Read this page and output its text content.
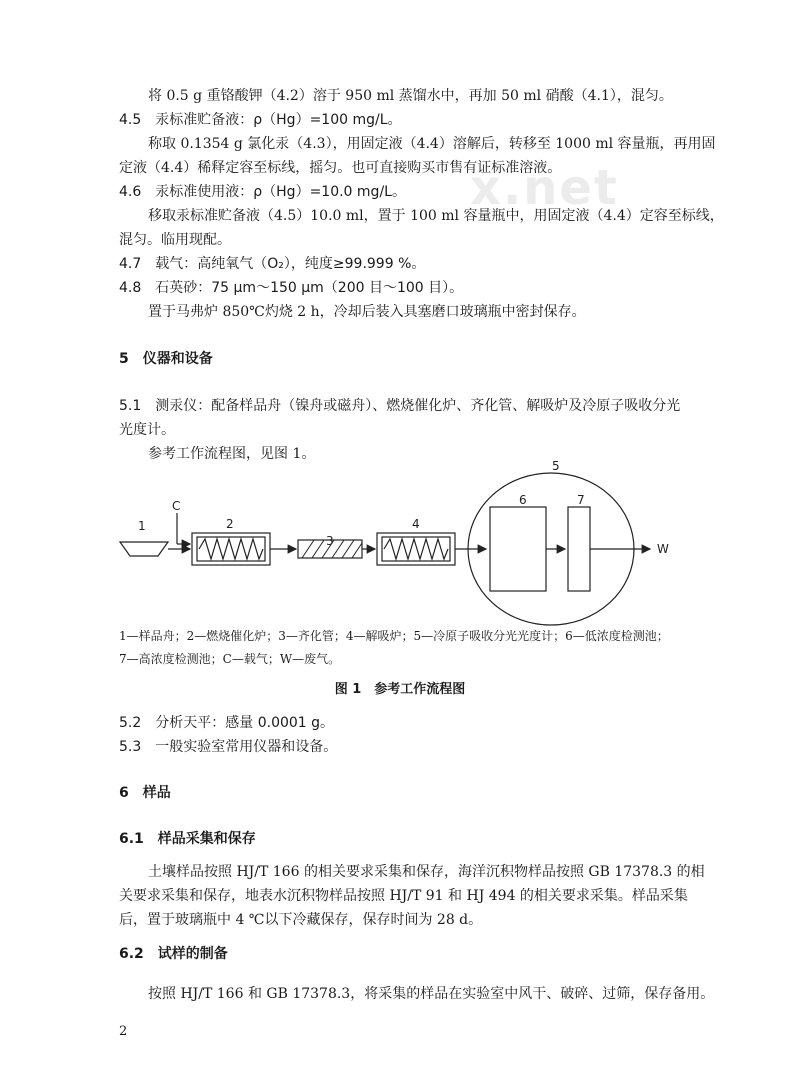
x.net
将 0.5 g 重铬酸钾（4.2）溶于 950 ml 蒸馏水中，再加 50 ml 硝酸（4.1），混匀。
4.5　汞标准贮备液：ρ（Hg）=100 mg/L。
称取 0.1354 g 氯化汞（4.3），用固定液（4.4）溶解后，转移至 1000 ml 容量瓶，再用固
定液（4.4）稀释定容至标线，摇匀。也可直接购买市售有证标准溶液。
4.6　汞标准使用液：ρ（Hg）=10.0 mg/L。
移取汞标准贮备液（4.5）10.0 ml，置于 100 ml 容量瓶中，用固定液（4.4）定容至标线，
混匀。临用现配。
4.7　载气：高纯氧气（O₂），纯度≥99.999 %。
4.8　石英砂：75 μm～150 μm（200 目～100 目）。
置于马弗炉 850℃灼烧 2 h，冷却后装入具塞磨口玻璃瓶中密封保存。
5　仪器和设备
5.1　测汞仪：配备样品舟（镍舟或磁舟）、燃烧催化炉、齐化管、解吸炉及冷原子吸收分光
光度计。
参考工作流程图，见图 1。
1
C
2
3
4
5
6	7
W
1—样品舟；2—燃烧催化炉；3—齐化管；4—解吸炉；5—冷原子吸收分光光度计；6—低浓度检测池；
7—高浓度检测池；C—载气；W—废气。
图 1　参考工作流程图
5.2　分析天平：感量 0.0001 g。
5.3　一般实验室常用仪器和设备。
6　样品
6.1　样品采集和保存
土壤样品按照 HJ/T 166 的相关要求采集和保存，海洋沉积物样品按照 GB 17378.3 的相
关要求采集和保存，地表水沉积物样品按照 HJ/T 91 和 HJ 494 的相关要求采集。样品采集
后，置于玻璃瓶中 4 ℃以下冷藏保存，保存时间为 28 d。
6.2　试样的制备
按照 HJ/T 166 和 GB 17378.3，将采集的样品在实验室中风干、破碎、过筛，保存备用。
2
